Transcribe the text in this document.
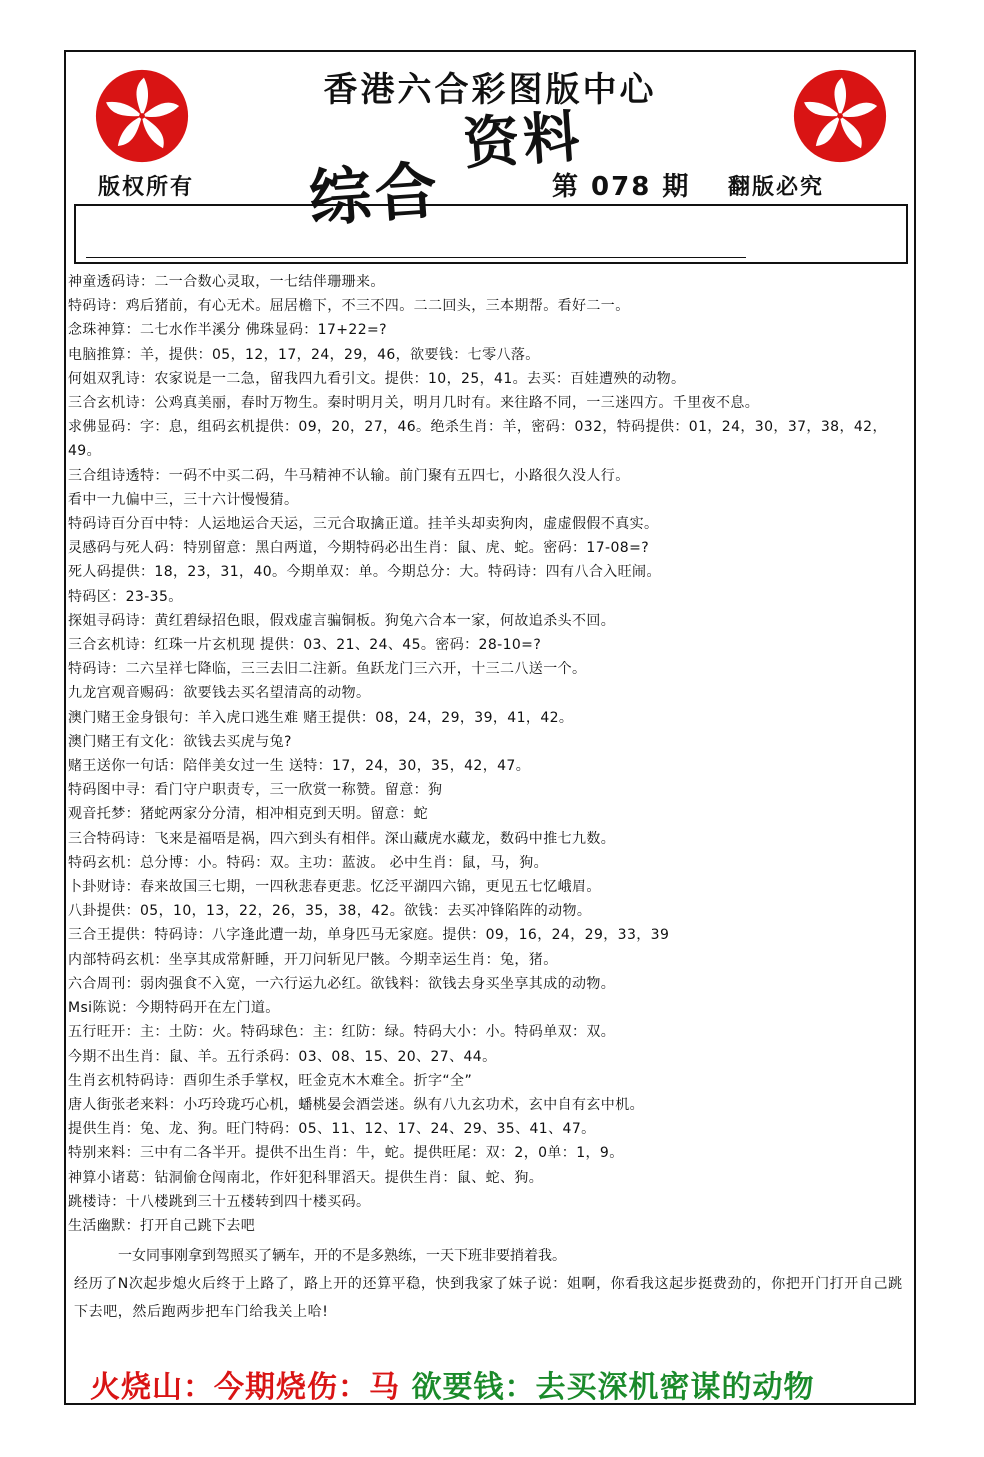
香港六合彩图版中心
综合 资料
第 078 期
版权所有	翻版必究
神童透码诗：二一合数心灵取，一七结伴珊珊来。
特码诗：鸡后猪前，有心无术。屈居檐下，不三不四。二二回头，三本期帮。看好二一。
念珠神算：二七水作半溪分 佛珠显码：17+22=?
电脑推算：羊，提供：05，12，17，24，29，46，欲要钱：七零八落。
何姐双乳诗：农家说是一二急，留我四九看引文。提供：10，25，41。去买：百娃遭殃的动物。
三合玄机诗：公鸡真美丽，春时万物生。秦时明月关，明月几时有。来往路不同，一三迷四方。千里夜不息。
求佛显码：字：息，组码玄机提供：09，20，27，46。绝杀生肖：羊，密码：032，特码提供：01，24，30，37，38，42，49。
三合组诗透特：一码不中买二码，牛马精神不认输。前门聚有五四七，小路很久没人行。
看中一九偏中三，三十六计慢慢猜。
特码诗百分百中特：人运地运合天运，三元合取擒正道。挂羊头却卖狗肉，虚虚假假不真实。
灵感码与死人码：特别留意：黑白两道，今期特码必出生肖：鼠、虎、蛇。密码：17-08=?
死人码提供：18，23，31，40。今期单双：单。今期总分：大。特码诗：四有八合入旺闹。
特码区：23-35。
探姐寻码诗：黄红碧绿招色眼，假戏虚言骗铜板。狗兔六合本一家，何故追杀头不回。
三合玄机诗：红珠一片玄机现 提供：03、21、24、45。密码：28-10=?
特码诗：二六呈祥七降临，三三去旧二注新。鱼跃龙门三六开，十三二八送一个。
九龙宫观音赐码：欲要钱去买名望清高的动物。
澳门赌王金身银句：羊入虎口逃生难 赌王提供：08，24，29，39，41，42。
澳门赌王有文化：欲钱去买虎与兔?
赌王送你一句话：陪伴美女过一生 送特：17，24，30，35，42，47。
特码图中寻：看门守户职责专，三一欣赏一称赞。留意：狗
观音托梦：猪蛇两家分分清，相冲相克到天明。留意：蛇
三合特码诗：飞来是福唔是祸，四六到头有相伴。深山藏虎水藏龙，数码中推七九数。
特码玄机：总分博：小。特码：双。主功：蓝波。 必中生肖：鼠，马，狗。
卜卦财诗：春来故国三七期，一四秋悲春更悲。忆泛平湖四六锦，更见五七忆峨眉。
八卦提供：05，10，13，22，26，35，38，42。欲钱：去买冲锋陷阵的动物。
三合王提供：特码诗：八字逢此遭一劫，单身匹马无家庭。提供：09，16，24，29，33，39
内部特码玄机：坐享其成常鼾睡，开刀问斩见尸骸。今期幸运生肖：兔，猪。
六合周刊：弱肉强食不入宽，一六行运九必红。欲钱料：欲钱去身买坐享其成的动物。
Msi陈说：今期特码开在左门道。
五行旺开：主：土防：火。特码球色：主：红防：绿。特码大小：小。特码单双：双。
今期不出生肖：鼠、羊。五行杀码：03、08、15、20、27、44。
生肖玄机特码诗：酉卯生杀手掌权，旺金克木木难全。折字“全”
唐人街张老来料：小巧玲珑巧心机，蟠桃晏会酒尝迷。纵有八九玄功术，玄中自有玄中机。
提供生肖：兔、龙、狗。旺门特码：05、11、12、17、24、29、35、41、47。
特别来料：三中有二各半开。提供不出生肖：牛，蛇。提供旺尾：双：2，0单：1，9。
神算小诸葛：钻洞偷仓闯南北，作奸犯科罪滔天。提供生肖：鼠、蛇、狗。
跳楼诗：十八楼跳到三十五楼转到四十楼买码。
生活幽默：打开自己跳下去吧
一女同事刚拿到驾照买了辆车，开的不是多熟练，一天下班非要捎着我。
经历了N次起步熄火后终于上路了，路上开的还算平稳，快到我家了妹子说：姐啊，你看我这起步挺费劲的，你把开门打开自己跳下去吧，然后跑两步把车门给我关上哈!
火烧山：今期烧伤：马 欲要钱：去买深机密谋的动物
